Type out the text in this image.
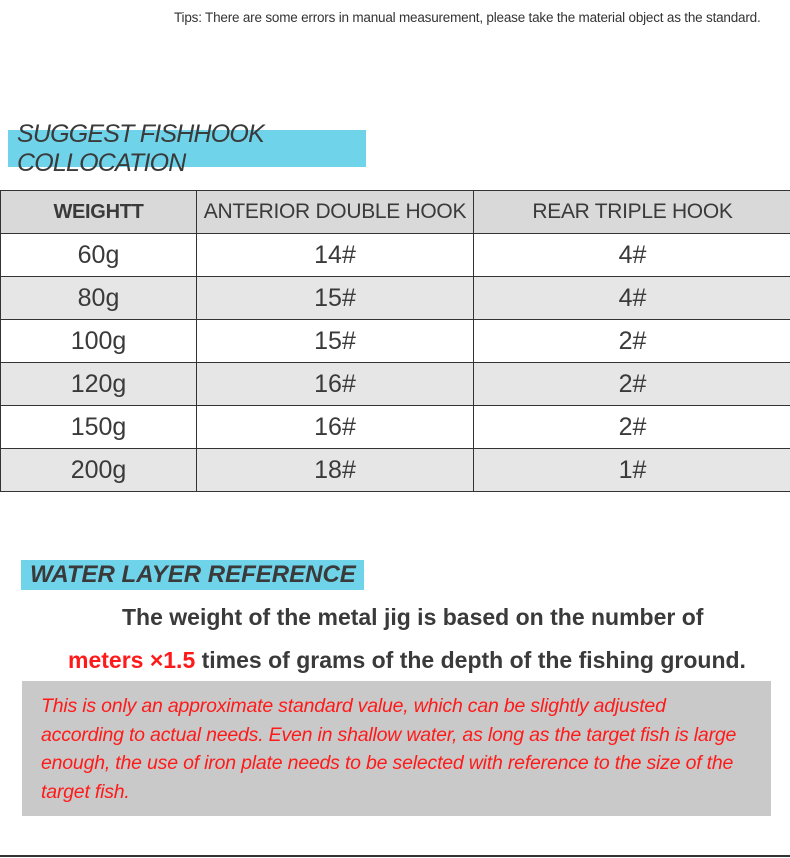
Tips: There are some errors in manual measurement, please take the material object as the standard.
SUGGEST FISHHOOK COLLOCATION
WEIGHTT	ANTERIOR DOUBLE HOOK	REAR TRIPLE HOOK
60g	14#	4#
80g	15#	4#
100g	15#	2#
120g	16#	2#
150g	16#	2#
200g	18#	1#
WATER LAYER REFERENCE
The weight of the metal jig is based on the number of
meters ×1.5 times of grams of the depth of the fishing ground.
This is only an approximate standard value, which can be slightly adjusted according to actual needs. Even in shallow water, as long as the target fish is large enough, the use of iron plate needs to be selected with reference to the size of the target fish.
